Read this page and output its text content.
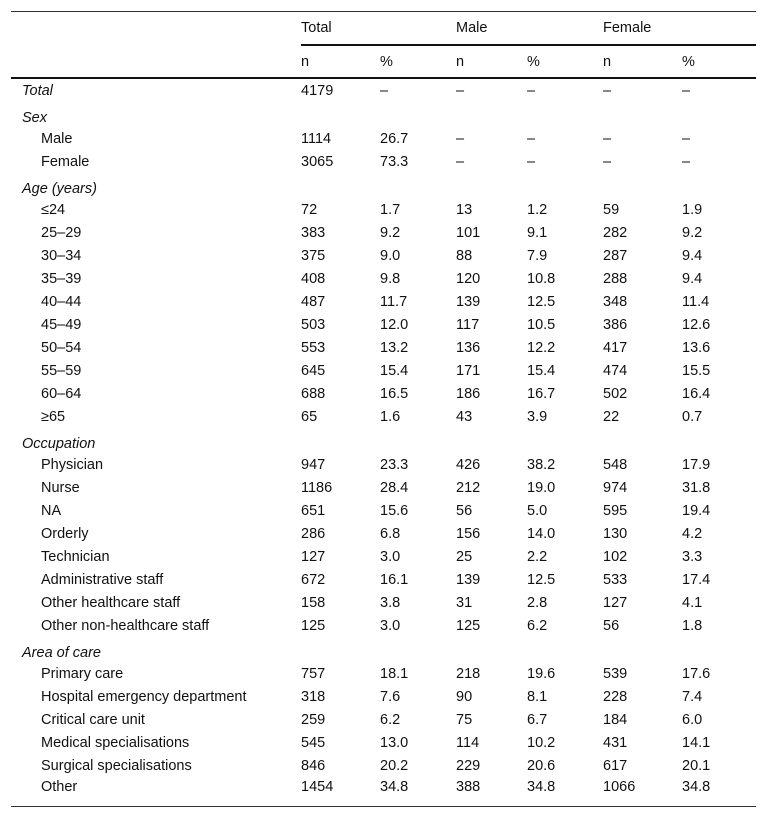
	Total		Male		Female	
	n	%	n	%	n	%
Total	4179	–	–	–	–	–
Sex						
Male	1114	26.7	–	–	–	–
Female	3065	73.3	–	–	–	–
Age (years)						
≤24	72	1.7	13	1.2	59	1.9
25–29	383	9.2	101	9.1	282	9.2
30–34	375	9.0	88	7.9	287	9.4
35–39	408	9.8	120	10.8	288	9.4
40–44	487	11.7	139	12.5	348	11.4
45–49	503	12.0	117	10.5	386	12.6
50–54	553	13.2	136	12.2	417	13.6
55–59	645	15.4	171	15.4	474	15.5
60–64	688	16.5	186	16.7	502	16.4
≥65	65	1.6	43	3.9	22	0.7
Occupation						
Physician	947	23.3	426	38.2	548	17.9
Nurse	1186	28.4	212	19.0	974	31.8
NA	651	15.6	56	5.0	595	19.4
Orderly	286	6.8	156	14.0	130	4.2
Technician	127	3.0	25	2.2	102	3.3
Administrative staff	672	16.1	139	12.5	533	17.4
Other healthcare staff	158	3.8	31	2.8	127	4.1
Other non-healthcare staff	125	3.0	125	6.2	56	1.8
Area of care						
Primary care	757	18.1	218	19.6	539	17.6
Hospital emergency department	318	7.6	90	8.1	228	7.4
Critical care unit	259	6.2	75	6.7	184	6.0
Medical specialisations	545	13.0	114	10.2	431	14.1
Surgical specialisations	846	20.2	229	20.6	617	20.1
Other	1454	34.8	388	34.8	1066	34.8
